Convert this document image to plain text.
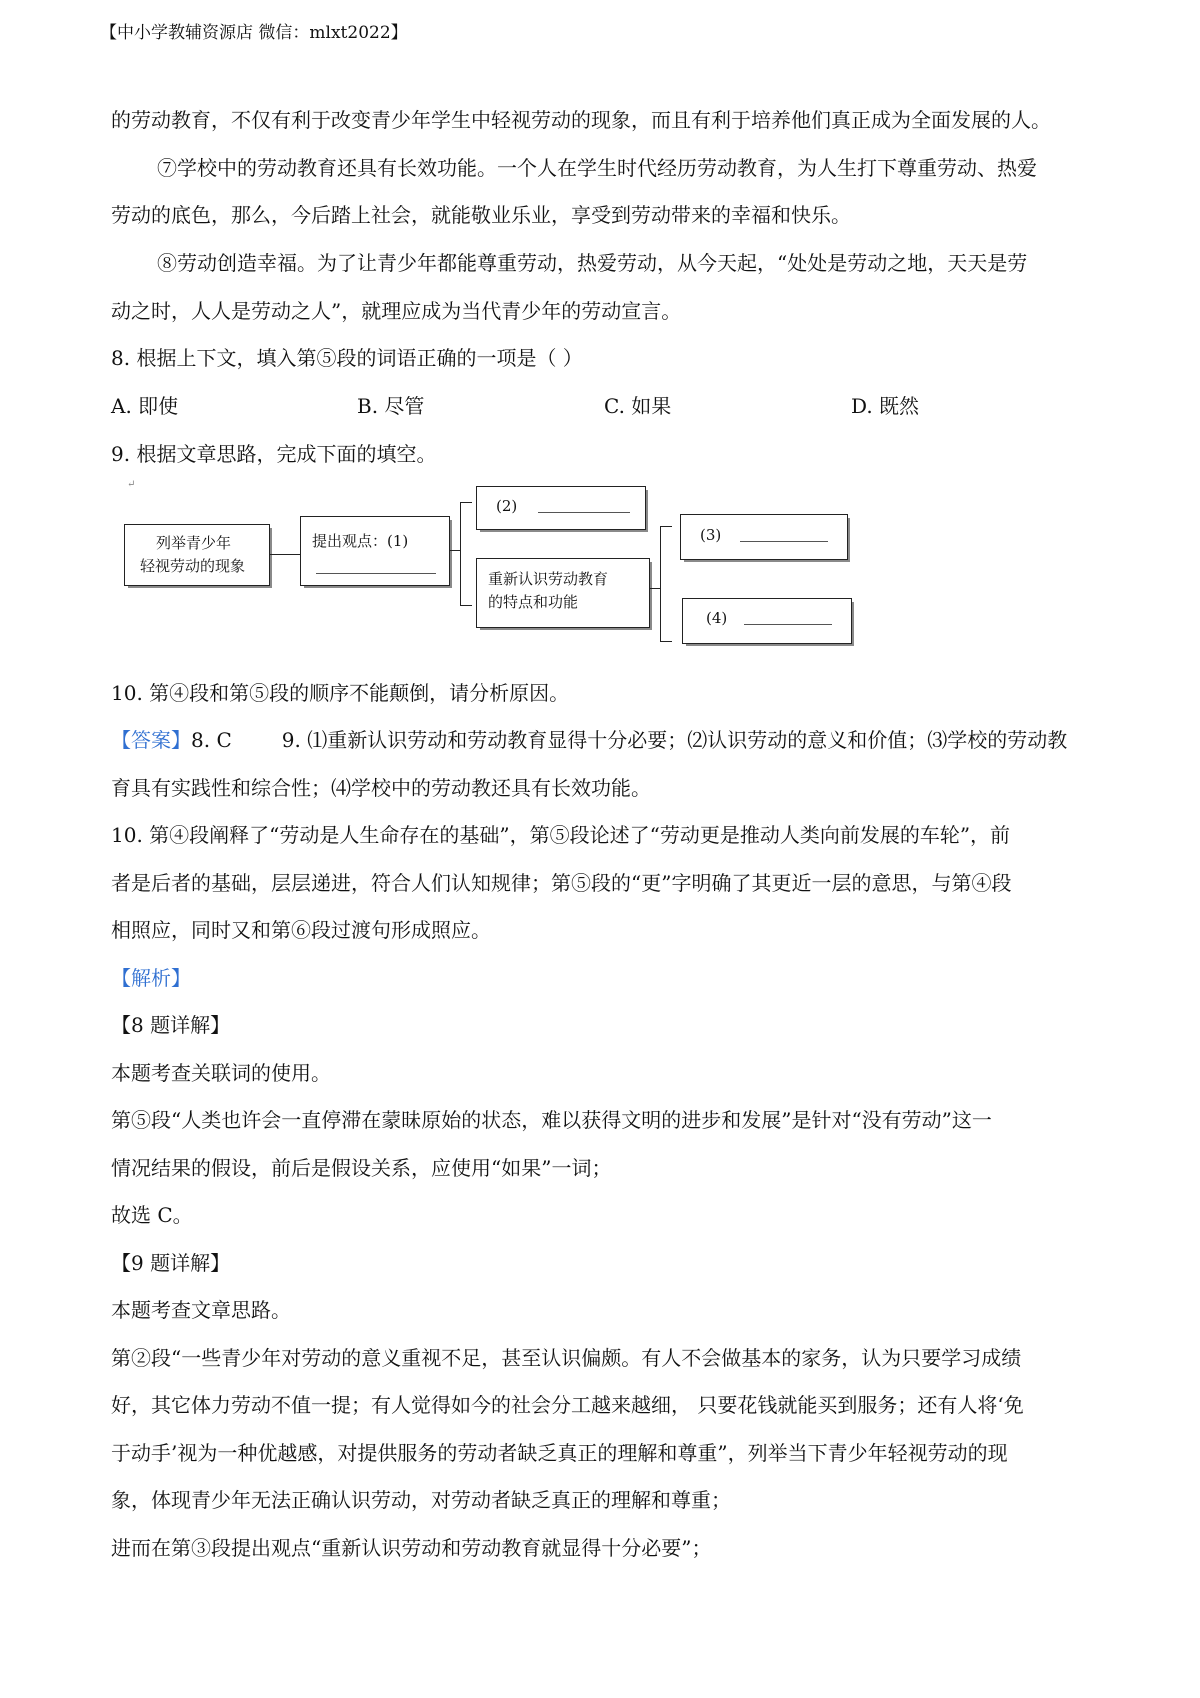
【中小学教辅资源店 微信：mlxt2022】
的劳动教育，不仅有利于改变青少年学生中轻视劳动的现象，而且有利于培养他们真正成为全面发展的人。
⑦学校中的劳动教育还具有长效功能。一个人在学生时代经历劳动教育，为人生打下尊重劳动、热爱
劳动的底色，那么，今后踏上社会，就能敬业乐业，享受到劳动带来的幸福和快乐。
⑧劳动创造幸福。为了让青少年都能尊重劳动，热爱劳动，从今天起，“处处是劳动之地，天天是劳
动之时，人人是劳动之人”，就理应成为当代青少年的劳动宣言。
8. 根据上下文，填入第⑤段的词语正确的一项是（ ）
A. 即使	B. 尽管	C. 如果	D. 既然
9. 根据文章思路，完成下面的填空。
↵
列举青少年
轻视劳动的现象
提出观点：(1)
(2)
重新认识劳动教育
的特点和功能
(3)
(4)
10. 第④段和第⑤段的顺序不能颠倒，请分析原因。
【答案】8. C	9. ⑴重新认识劳动和劳动教育显得十分必要；⑵认识劳动的意义和价值；⑶学校的劳动教
育具有实践性和综合性；⑷学校中的劳动教还具有长效功能。
10. 第④段阐释了“劳动是人生命存在的基础”，第⑤段论述了“劳动更是推动人类向前发展的车轮”，前
者是后者的基础，层层递进，符合人们认知规律；第⑤段的“更”字明确了其更近一层的意思，与第④段
相照应，同时又和第⑥段过渡句形成照应。
【解析】
【8 题详解】
本题考查关联词的使用。
第⑤段“人类也许会一直停滞在蒙昧原始的状态，难以获得文明的进步和发展”是针对“没有劳动”这一
情况结果的假设，前后是假设关系，应使用“如果”一词；
故选 C。
【9 题详解】
本题考查文章思路。
第②段“一些青少年对劳动的意义重视不足，甚至认识偏颇。有人不会做基本的家务，认为只要学习成绩
好，其它体力劳动不值一提；有人觉得如今的社会分工越来越细， 只要花钱就能买到服务；还有人将‘免
于动手’视为一种优越感，对提供服务的劳动者缺乏真正的理解和尊重”，列举当下青少年轻视劳动的现
象，体现青少年无法正确认识劳动，对劳动者缺乏真正的理解和尊重；
进而在第③段提出观点“重新认识劳动和劳动教育就显得十分必要”；
